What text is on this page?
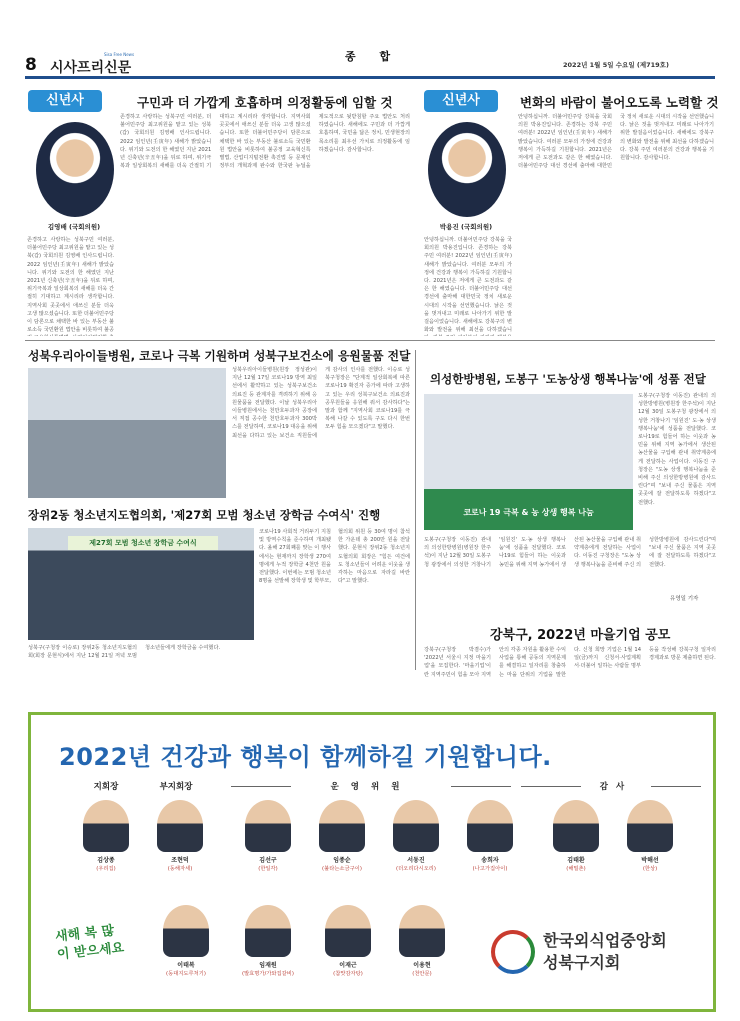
8 시사프리신문
Sisa Free News	종 합
2022년 1월 5일 수요일 (제719호)
신년사	구민과 더 가깝게 호흡하며 의정활동에 임할 것
김영배 (국회의원)
존경하고 사랑하는 성북구민 여러분, 더불어민주당 최고위원을 맡고 있는 성북(갑) 국회의원 김영배 인사드립니다. 2022 임인년(壬寅年) 새해가 밝았습니다. 위기와 도전의 한 해였던 지난 2021년 신축년(辛丑年)을 뒤로 하며, 위기극복과 일상회복의 새해를 더욱 간절히 기대하고 계시리라 생각합니다. 지역사회 곳곳에서 애쓰신 분들 더욱 고생 많으셨습니다. 또한 더불어민주당이 담론으로 채택한 바 있는 부동산 불로소득 국민환원 법안을 비롯하여 불공
존경하고 사랑하는 성북구민 여러분, 더불어민주당 최고위원을 맡고 있는 성북(갑) 국회의원 김영배 인사드립니다. 2022 임인년(壬寅年) 새해가 밝았습니다. 위기와 도전의 한 해였던 지난 2021년 신축년(辛丑年)을 뒤로 하며, 위기극복과 일상회복의 새해를 더욱 간절히 기대하고 계시리라 생각합니다. 지역사회 곳곳에서 애쓰신 분들 더욱 고생 많으셨습니다. 또한 더불어민주당이 담론으로 채택한 바 있는 부동산 불로소득 국민환원 법안을 비롯하여 불공정 교육혁신특별법, 산업디지털전환 촉진법 등 문재인 정부의 개혁과제 완수와 한국판 뉴딜을 제도적으로 뒷받침할 주요 법안도 처리하였습니다. 새해에도 구민과 더 가깝게 호흡하며, 국민을 닮은 정치, 민생현장의 목소리를 최우선 가치로 의정활동에 임하겠습니다. 감사합니다.
신년사	변화의 바람이 불어오도록 노력할 것
박용진 (국회의원)
안녕하십니까. 더불어민주당 강북을 국회의원 박용진입니다. 존경하는 강북 주민 여러분! 2022년 임인년(壬寅年) 새해가 밝았습니다. 여러분 모두의 가정에 건강과 행복이 가득하길 기원합니다. 2021년은 저에게 큰 도전과도 같은 한 해였습니다. 더불어민주당 대선 경선에 출마해 대한민국 정치 새로운 시대의 시작을 선언했습니다. 낡은 것을 벗겨내고 미래로 나아가기 위한 발걸음이었습니다. 새해에도 강북구의 변화와 발전을 위해 최선을 다하겠습니
안녕하십니까. 더불어민주당 강북을 국회의원 박용진입니다. 존경하는 강북 주민 여러분! 2022년 임인년(壬寅年) 새해가 밝았습니다. 여러분 모두의 가정에 건강과 행복이 가득하길 기원합니다. 2021년은 저에게 큰 도전과도 같은 한 해였습니다. 더불어민주당 대선 경선에 출마해 대한민국 정치 새로운 시대의 시작을 선언했습니다. 낡은 것을 벗겨내고 미래로 나아가기 위한 발걸음이었습니다. 새해에도 강북구의 변화와 발전을 위해 최선을 다하겠습니다. 강북 주민 여러분의 건강과 행복을 기원합니다. 감사합니다.
성북우리아이들병원, 코로나 극복 기원하며 성북구보건소에 응원물품 전달
성북우리아이들병원(원장 정성관)이 지난 12월 17일 코로나19 방역 최일선에서 활약하고 있는 성북구보건소 의료진 등 관계자를 격려하기 위해 응원물품을 전달했다. 이날 성북우리아이들병원에서는 천만호두과자 공장에서 직접 공수한 천만호두과자 300박스를 전달하며, 코로나19 대응을 위해 최선을 다하고 있는 보건소 직원들에게 감사의 인사를 전했다. 이승로 성북구청장은 "단계적 일상회복에 따른 코로나19 확진자 증가에 따라 고생하고 있는 우리 성북구보건소 의료진과 공무원들을 응원해 줘서 감사하다"는 말과 함께 "지역사회 코로나19를 극복해 나갈 수 있도록 구도 다시 한번 모두 힘을 모으겠다"고 말했다.
장위2동 청소년지도협의회, '제27회 모범 청소년 장학금 수여식' 진행
제27회 모범 청소년 장학금 수여식
성북구(구청장 이승로) 장위2동 청소년지도협의회(회장 문현식)에서 지난 12월 21일 저녁 모범청소년들에게 장학금을 수여했다.
코로나19 사회적 거리두기 지침 및 방역수칙을 준수하며 개최됐다. 올해 27회째를 맞는 이 행사에서는 현재까지 장학생 270여 명에게 누적 장학금 4천만 원을 전달했다. 이번에는 모범 청소년 8명을 선발해 장학생 및 학부모, 협의회 위원 등 30여 명이 참석한 가운데 총 200만 원을 전달했다. 문현식 장위2동 청소년지도협의회 회장은 "힘든 여건에도 청소년들이 어려운 이웃을 생각하는 마음으로 자라길 바란다"고 말했다.
의성한방병원, 도봉구 '도농상생 행복나눔'에 성품 전달
코로나 19 극복 & 농 상생 행복 나눔
도봉구(구청장 이동진) 관내의 의성한방병원(병원장 한주석)이 지난 12월 30일 도봉구청 광장에서 의성한 거창나기 '임원진' 도·농 상생 행복나눔'에 성품을 전달했다. 코로나19로 힘들어 하는 이웃과 농민을 위해 지역 농가에서 생산된 농산물을 구입해 관내 취약계층에게 전달하는 사업이다. 이동진 구청장은 "도농 상생 행복나눔을 준비해 주신 의성한방병원에 감사드린다"며 "보내 주신 물품은 지역 곳곳에 잘 전달하도록 하겠다"고 전했다.
도봉구(구청장 이동진) 관내의 의성한방병원(병원장 한주석)이 지난 12월 30일 도봉구청 광장에서 의성한 거창나기 '임원진' 도·농 상생 행복나눔'에 성품을 전달했다. 코로나19로 힘들어 하는 이웃과 농민을 위해 지역 농가에서 생산된 농산물을 구입해 관내 취약계층에게 전달하는 사업이다. 이동진 구청장은 "도농 상생 행복나눔을 준비해 주신 의성한방병원에 감사드린다"며 "보내 주신 물품은 지역 곳곳에 잘 전달하도록 하겠다"고 전했다.
유영일 기자
강북구, 2022년 마을기업 공모
강북구(구청장 박겸수)가 '2022년 서울시 지정 마을기업'을 모집한다. '마을기업'이란 지역주민이 힘을 모아 지역 안의 각종 자원을 활용한 수익사업을 통해 공동의 지역문제를 해결하고 일자리를 창출하는 마을 단위의 기업을 말한다. 신청 희망 기업은 1월 14일(금)까지 신청서·사업계획서·더불어 일하는 사람들 명부 등을 작성해 강북구청 일자리경제과로 방문 제출하면 된다.
2022년 건강과 행복이 함께하길 기원합니다.
지회장	부지회장	운영위원	감사
김상종
(우리집)
조현덕
(동해자세)
김선구
(한일각)
임종순
(불타는소금구이)
서동진
(더오리다시오리)
송희자
(나고가집아이)
김태환
(해밀촌)
박해선
(한상)
새해 복 많이 받으세요
이태복
(동대지도루처기)
임재원
(발효명가/가와집갈비)
이재근
(참맛감자탕)
이용현
(천안문)
한국외식업중앙회
성북구지회
